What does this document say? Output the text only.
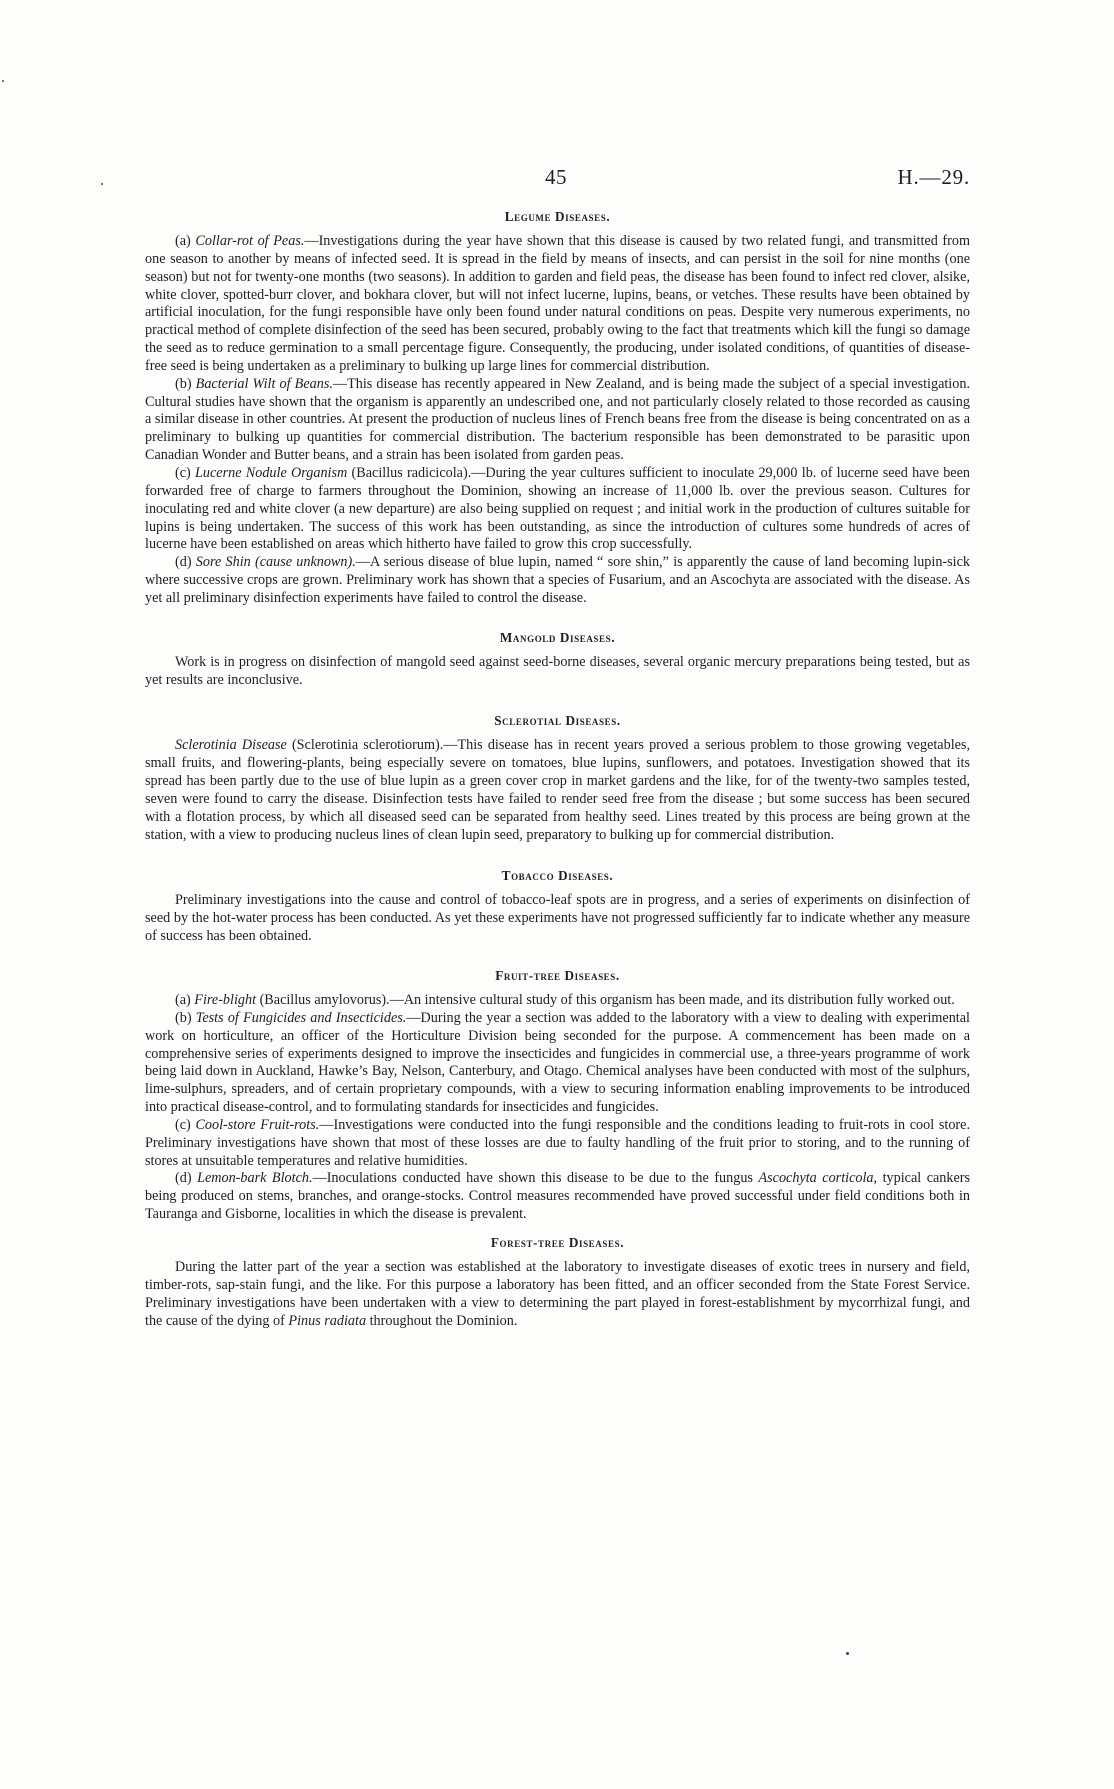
45	H.—29.
Legume Diseases.

(a) Collar-rot of Peas.—Investigations during the year have shown that this disease is caused by two related fungi, and transmitted from one season to another by means of infected seed. It is spread in the field by means of insects, and can persist in the soil for nine months (one season) but not for twenty-one months (two seasons). In addition to garden and field peas, the disease has been found to infect red clover, alsike, white clover, spotted-burr clover, and bokhara clover, but will not infect lucerne, lupins, beans, or vetches. These results have been obtained by artificial inoculation, for the fungi responsible have only been found under natural conditions on peas. Despite very numerous experiments, no practical method of complete disinfection of the seed has been secured, probably owing to the fact that treatments which kill the fungi so damage the seed as to reduce germination to a small percentage figure. Consequently, the producing, under isolated conditions, of quantities of disease-free seed is being undertaken as a preliminary to bulking up large lines for commercial distribution.

(b) Bacterial Wilt of Beans.—This disease has recently appeared in New Zealand, and is being made the subject of a special investigation. Cultural studies have shown that the organism is apparently an undescribed one, and not particularly closely related to those recorded as causing a similar disease in other countries. At present the production of nucleus lines of French beans free from the disease is being concentrated on as a preliminary to bulking up quantities for commercial distribution. The bacterium responsible has been demonstrated to be parasitic upon Canadian Wonder and Butter beans, and a strain has been isolated from garden peas.

(c) Lucerne Nodule Organism (Bacillus radicicola).—During the year cultures sufficient to inoculate 29,000 lb. of lucerne seed have been forwarded free of charge to farmers throughout the Dominion, showing an increase of 11,000 lb. over the previous season. Cultures for inoculating red and white clover (a new departure) are also being supplied on request ; and initial work in the production of cultures suitable for lupins is being undertaken. The success of this work has been outstanding, as since the introduction of cultures some hundreds of acres of lucerne have been established on areas which hitherto have failed to grow this crop successfully.

(d) Sore Shin (cause unknown).—A serious disease of blue lupin, named “ sore shin,” is apparently the cause of land becoming lupin-sick where successive crops are grown. Preliminary work has shown that a species of Fusarium, and an Ascochyta are associated with the disease. As yet all preliminary disinfection experiments have failed to control the disease.

Mangold Diseases.

Work is in progress on disinfection of mangold seed against seed-borne diseases, several organic mercury preparations being tested, but as yet results are inconclusive.

Sclerotial Diseases.

Sclerotinia Disease (Sclerotinia sclerotiorum).—This disease has in recent years proved a serious problem to those growing vegetables, small fruits, and flowering-plants, being especially severe on tomatoes, blue lupins, sunflowers, and potatoes. Investigation showed that its spread has been partly due to the use of blue lupin as a green cover crop in market gardens and the like, for of the twenty-two samples tested, seven were found to carry the disease. Disinfection tests have failed to render seed free from the disease ; but some success has been secured with a flotation process, by which all diseased seed can be separated from healthy seed. Lines treated by this process are being grown at the station, with a view to producing nucleus lines of clean lupin seed, preparatory to bulking up for commercial distribution.

Tobacco Diseases.

Preliminary investigations into the cause and control of tobacco-leaf spots are in progress, and a series of experiments on disinfection of seed by the hot-water process has been conducted. As yet these experiments have not progressed sufficiently far to indicate whether any measure of success has been obtained.

Fruit-tree Diseases.

(a) Fire-blight (Bacillus amylovorus).—An intensive cultural study of this organism has been made, and its distribution fully worked out.

(b) Tests of Fungicides and Insecticides.—During the year a section was added to the laboratory with a view to dealing with experimental work on horticulture, an officer of the Horticulture Division being seconded for the purpose. A commencement has been made on a comprehensive series of experiments designed to improve the insecticides and fungicides in commercial use, a three-years programme of work being laid down in Auckland, Hawke’s Bay, Nelson, Canterbury, and Otago. Chemical analyses have been conducted with most of the sulphurs, lime-sulphurs, spreaders, and of certain proprietary compounds, with a view to securing information enabling improvements to be introduced into practical disease-control, and to formulating standards for insecticides and fungicides.

(c) Cool-store Fruit-rots.—Investigations were conducted into the fungi responsible and the conditions leading to fruit-rots in cool store. Preliminary investigations have shown that most of these losses are due to faulty handling of the fruit prior to storing, and to the running of stores at unsuitable temperatures and relative humidities.

(d) Lemon-bark Blotch.—Inoculations conducted have shown this disease to be due to the fungus Ascochyta corticola, typical cankers being produced on stems, branches, and orange-stocks. Control measures recommended have proved successful under field conditions both in Tauranga and Gisborne, localities in which the disease is prevalent.

Forest-tree Diseases.

During the latter part of the year a section was established at the laboratory to investigate diseases of exotic trees in nursery and field, timber-rots, sap-stain fungi, and the like. For this purpose a laboratory has been fitted, and an officer seconded from the State Forest Service. Preliminary investigations have been undertaken with a view to determining the part played in forest-establishment by mycorrhizal fungi, and the cause of the dying of Pinus radiata throughout the Dominion.
